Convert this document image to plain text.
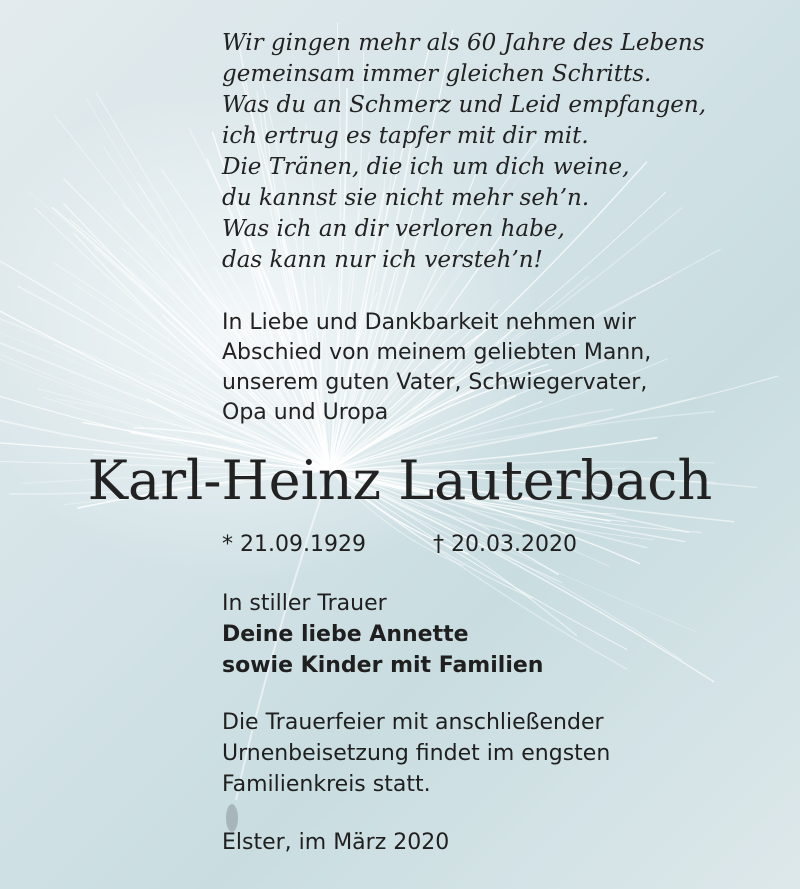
Wir gingen mehr als 60 Jahre des Lebens
gemeinsam immer gleichen Schritts.
Was du an Schmerz und Leid empfangen,
ich ertrug es tapfer mit dir mit.
Die Tränen, die ich um dich weine,
du kannst sie nicht mehr seh’n.
Was ich an dir verloren habe,
das kann nur ich versteh’n!
In Liebe und Dankbarkeit nehmen wir
Abschied von meinem geliebten Mann,
unserem guten Vater, Schwiegervater,
Opa und Uropa
Karl-Heinz Lauterbach
* 21.09.1929	† 20.03.2020
In stiller Trauer
Deine liebe Annette
sowie Kinder mit Familien
Die Trauerfeier mit anschließender
Urnenbeisetzung findet im engsten
Familienkreis statt.
Elster, im März 2020
